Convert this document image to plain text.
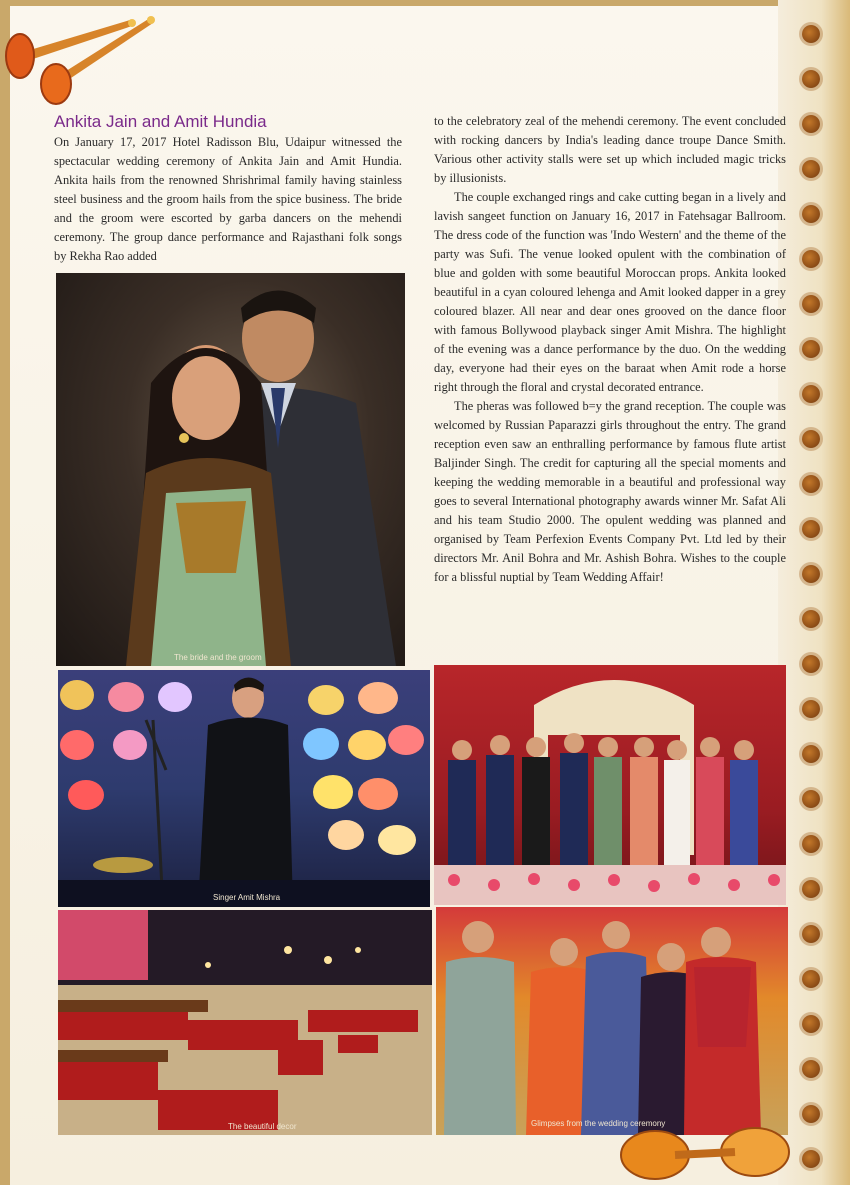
Ankita Jain and Amit Hundia

On January 17, 2017 Hotel Radisson Blu, Udaipur witnessed the spectacular wedding ceremony of Ankita Jain and Amit Hundia. Ankita hails from the renowned Shrishrimal family having stainless steel business and the groom hails from the spice business. The bride and the groom were escorted by garba dancers on the mehendi ceremony. The group dance performance and Rajasthani folk songs by Rekha Rao added

to the celebratory zeal of the mehendi ceremony. The event concluded with rocking dancers by India's leading dance troupe Dance Smith. Various other activity stalls were set up which included magic tricks by illusionists.

The couple exchanged rings and cake cutting began in a lively and lavish sangeet function on January 16, 2017 in Fatehsagar Ballroom. The dress code of the function was 'Indo Western' and the theme of the party was Sufi. The venue looked opulent with the combination of blue and golden with some beautiful Moroccan props. Ankita looked beautiful in a cyan coloured lehenga and Amit looked dapper in a grey coloured blazer. All near and dear ones grooved on the dance floor with famous Bollywood playback singer Amit Mishra. The highlight of the evening was a dance performance by the duo. On the wedding day, everyone had their eyes on the baraat when Amit rode a horse right through the floral and crystal decorated entrance.

The pheras was followed b=y the grand reception. The couple was welcomed by Russian Paparazzi girls throughout the entry. The grand reception even saw an enthralling performance by famous flute artist Baljinder Singh. The credit for capturing all the special moments and keeping the wedding memorable in a beautiful and professional way goes to several International photography awards winner Mr. Safat Ali and his team Studio 2000. The opulent wedding was planned and organised by Team Perfexion Events Company Pvt. Ltd led by their directors Mr. Anil Bohra and Mr. Ashish Bohra. Wishes to the couple for a blissful nuptial by Team Wedding Affair!

The bride and the groom
Singer Amit Mishra
The beautiful decor	Glimpses from the wedding ceremony
